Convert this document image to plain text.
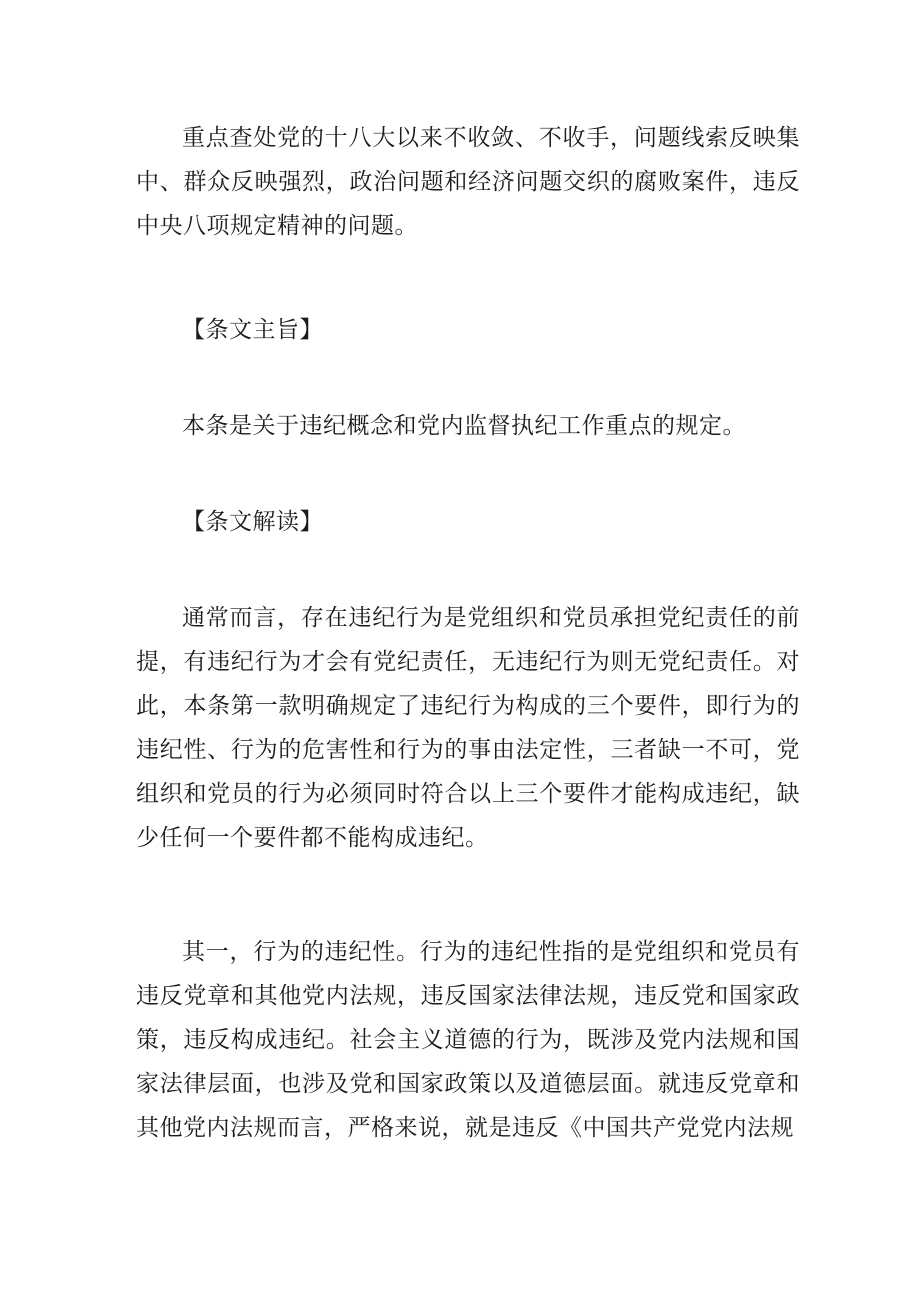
重点查处党的十八大以来不收敛、不收手，问题线索反映集中、群众反映强烈，政治问题和经济问题交织的腐败案件，违反中央八项规定精神的问题。

【条文主旨】

本条是关于违纪概念和党内监督执纪工作重点的规定。

【条文解读】

通常而言，存在违纪行为是党组织和党员承担党纪责任的前提，有违纪行为才会有党纪责任，无违纪行为则无党纪责任。对此，本条第一款明确规定了违纪行为构成的三个要件，即行为的违纪性、行为的危害性和行为的事由法定性，三者缺一不可，党组织和党员的行为必须同时符合以上三个要件才能构成违纪，缺少任何一个要件都不能构成违纪。

其一，行为的违纪性。行为的违纪性指的是党组织和党员有违反党章和其他党内法规，违反国家法律法规，违反党和国家政策，违反构成违纪。社会主义道德的行为，既涉及党内法规和国家法律层面，也涉及党和国家政策以及道德层面。就违反党章和其他党内法规而言，严格来说，就是违反《中国共产党党内法规
